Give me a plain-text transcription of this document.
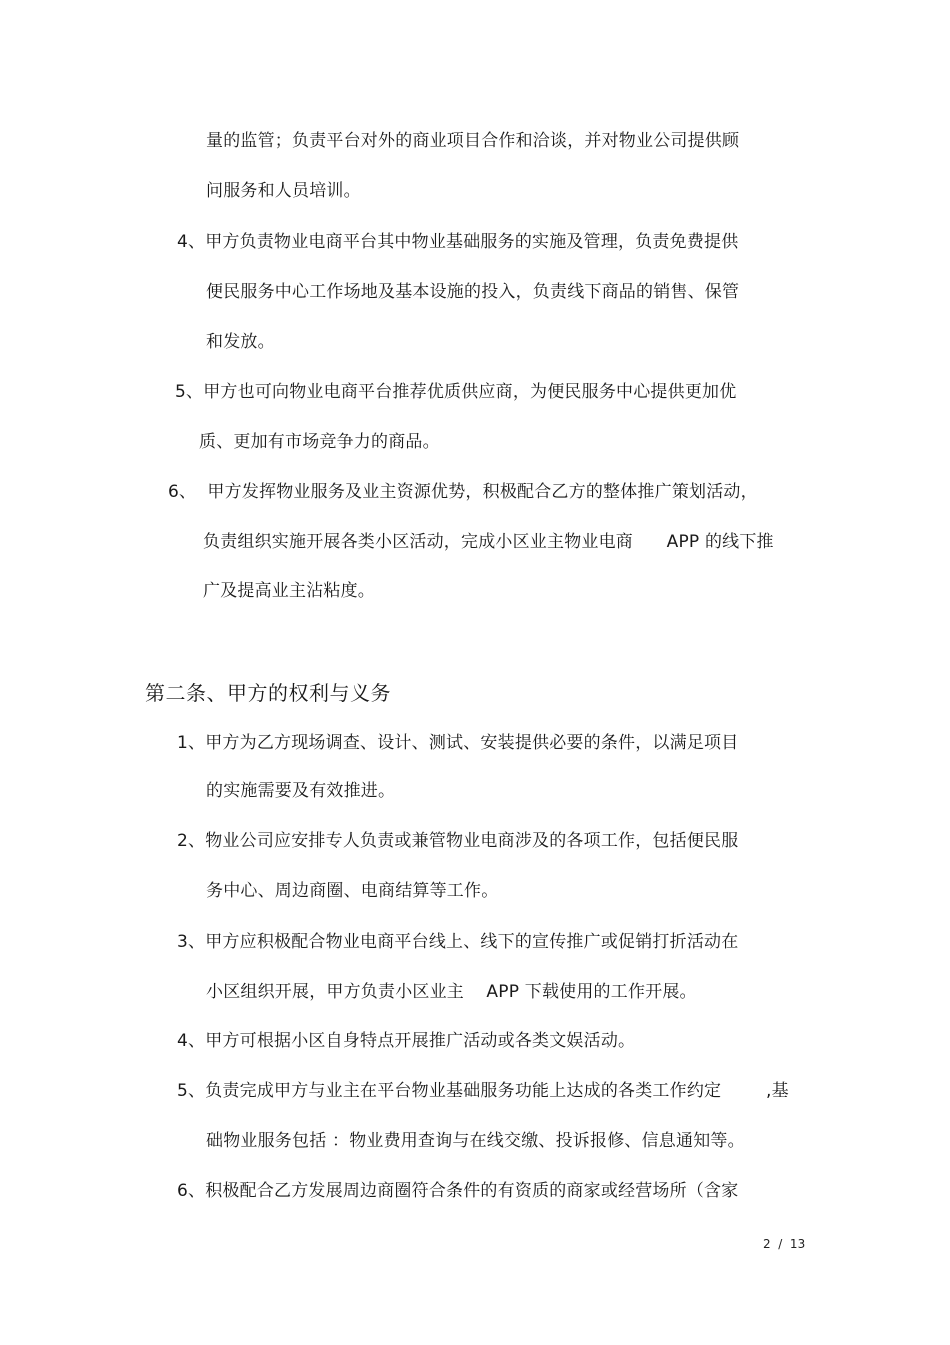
量的监管；负责平台对外的商业项目合作和洽谈，并对物业公司提供顾
问服务和人员培训。
4、甲方负责物业电商平台其中物业基础服务的实施及管理，负责免费提供
便民服务中心工作场地及基本设施的投入，负责线下商品的销售、保管
和发放。
5、甲方也可向物业电商平台推荐优质供应商，为便民服务中心提供更加优
质、更加有市场竞争力的商品。
6、  甲方发挥物业服务及业主资源优势，积极配合乙方的整体推广策划活动，
负责组织实施开展各类小区活动，完成小区业主物业电商      APP 的线下推
广及提高业主沾粘度。
第二条、甲方的权利与义务
1、甲方为乙方现场调查、设计、测试、安装提供必要的条件，以满足项目
的实施需要及有效推进。
2、物业公司应安排专人负责或兼管物业电商涉及的各项工作，包括便民服
务中心、周边商圈、电商结算等工作。
3、甲方应积极配合物业电商平台线上、线下的宣传推广或促销打折活动在
小区组织开展，甲方负责小区业主    APP 下载使用的工作开展。
4、甲方可根据小区自身特点开展推广活动或各类文娱活动。
5、负责完成甲方与业主在平台物业基础服务功能上达成的各类工作约定        ,基
础物业服务包括 ：物业费用查询与在线交缴、投诉报修、信息通知等。
6、积极配合乙方发展周边商圈符合条件的有资质的商家或经营场所（含家
2  /  13
